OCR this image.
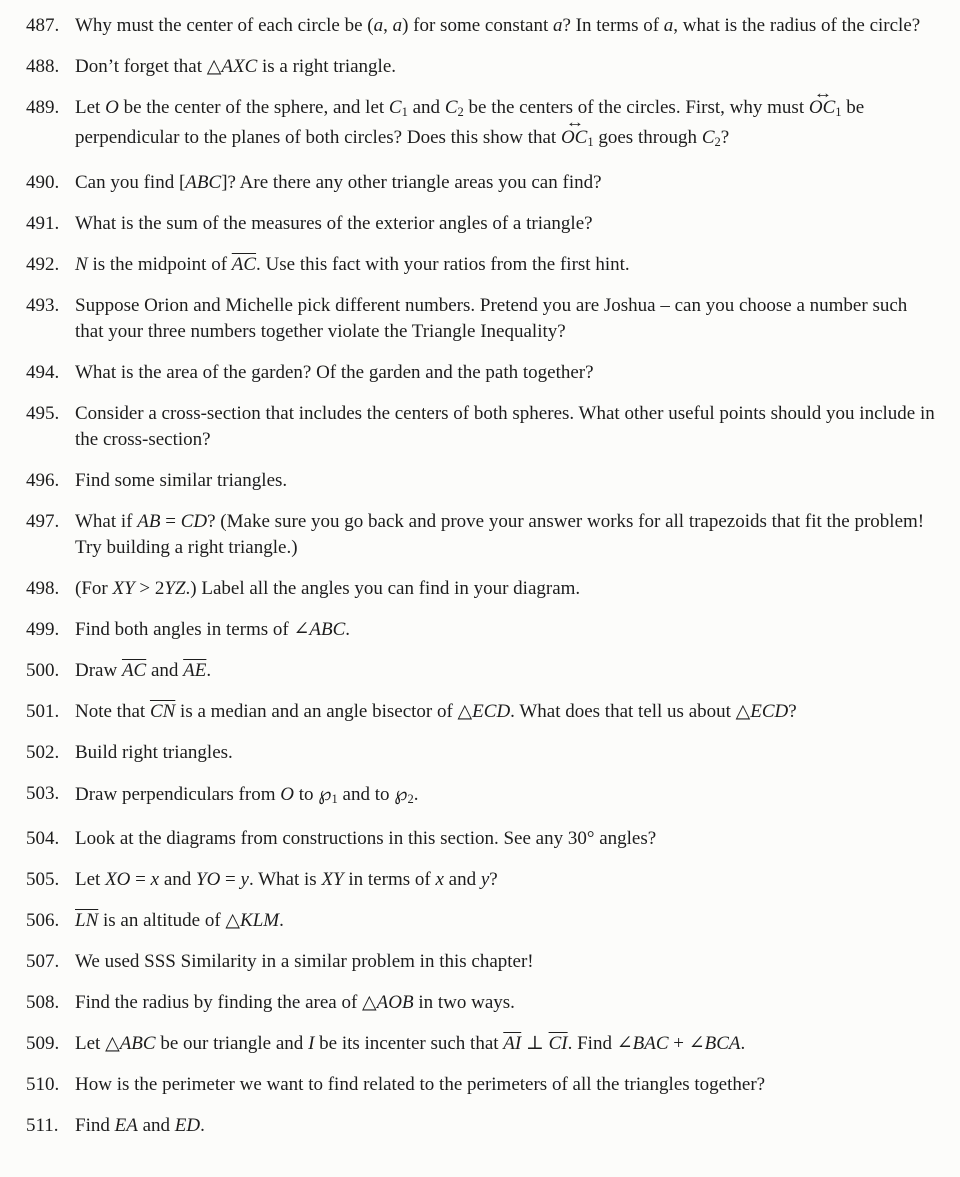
487. Why must the center of each circle be (a, a) for some constant a? In terms of a, what is the radius of the circle?
488. Don’t forget that △AXC is a right triangle.
489. Let O be the center of the sphere, and let C1 and C2 be the centers of the circles. First, why must ↔ OC1 be perpendicular to the planes of both circles? Does this show that ↔ OC1 goes through C2?
490. Can you find [ABC]? Are there any other triangle areas you can find?
491. What is the sum of the measures of the exterior angles of a triangle?
492. N is the midpoint of $\overline{AC}$. Use this fact with your ratios from the first hint.
493. Suppose Orion and Michelle pick different numbers. Pretend you are Joshua – can you choose a number such that your three numbers together violate the Triangle Inequality?
494. What is the area of the garden? Of the garden and the path together?
495. Consider a cross-section that includes the centers of both spheres. What other useful points should you include in the cross-section?
496. Find some similar triangles.
497. What if AB = CD? (Make sure you go back and prove your answer works for all trapezoids that fit the problem! Try building a right triangle.)
498. (For XY > 2YZ.) Label all the angles you can find in your diagram.
499. Find both angles in terms of ∠ABC.
500. Draw $\overline{AC}$ and $\overline{AE}$.
501. Note that $\overline{CN}$ is a median and an angle bisector of △ECD. What does that tell us about △ECD?
502. Build right triangles.
503. Draw perpendiculars from O to ℘1 and to ℘2.
504. Look at the diagrams from constructions in this section. See any 30° angles?
505. Let XO = x and YO = y. What is XY in terms of x and y?
506. $\overline{LN}$ is an altitude of △KLM.
507. We used SSS Similarity in a similar problem in this chapter!
508. Find the radius by finding the area of △AOB in two ways.
509. Let △ABC be our triangle and I be its incenter such that $\overline{AI}$ ⊥ $\overline{CI}$. Find ∠BAC + ∠BCA.
510. How is the perimeter we want to find related to the perimeters of all the triangles together?
511. Find EA and ED.
